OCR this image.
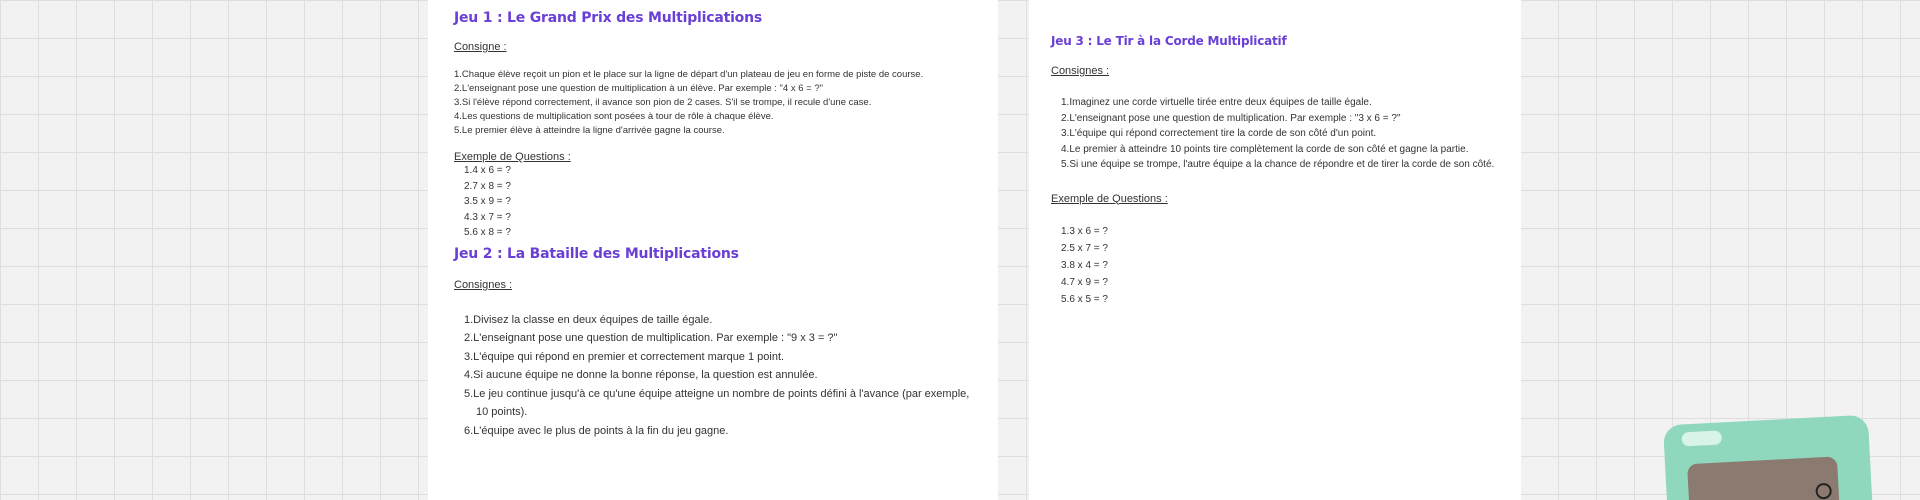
Jeu 1 : Le Grand Prix des Multiplications
Consigne :
1.Chaque élève reçoit un pion et le place sur la ligne de départ d'un plateau de jeu en forme de piste de course.
2.L'enseignant pose une question de multiplication à un élève. Par exemple : "4 x 6 = ?"
3.Si l'élève répond correctement, il avance son pion de 2 cases. S'il se trompe, il recule d'une case.
4.Les questions de multiplication sont posées à tour de rôle à chaque élève.
5.Le premier élève à atteindre la ligne d'arrivée gagne la course.
Exemple de Questions :
1.4 x 6 = ?
2.7 x 8 = ?
3.5 x 9 = ?
4.3 x 7 = ?
5.6 x 8 = ?
Jeu 2 : La Bataille des Multiplications
Consignes :
1.Divisez la classe en deux équipes de taille égale.
2.L'enseignant pose une question de multiplication. Par exemple : "9 x 3 = ?"
3.L'équipe qui répond en premier et correctement marque 1 point.
4.Si aucune équipe ne donne la bonne réponse, la question est annulée.
5.Le jeu continue jusqu'à ce qu'une équipe atteigne un nombre de points défini à l'avance (par exemple, 10 points).
6.L'équipe avec le plus de points à la fin du jeu gagne.
Jeu 3 : Le Tir à la Corde Multiplicatif
Consignes :
1.Imaginez une corde virtuelle tirée entre deux équipes de taille égale.
2.L'enseignant pose une question de multiplication. Par exemple : "3 x 6 = ?"
3.L'équipe qui répond correctement tire la corde de son côté d'un point.
4.Le premier à atteindre 10 points tire complètement la corde de son côté et gagne la partie.
5.Si une équipe se trompe, l'autre équipe a la chance de répondre et de tirer la corde de son côté.
Exemple de Questions :
1.3 x 6 = ?
2.5 x 7 = ?
3.8 x 4 = ?
4.7 x 9 = ?
5.6 x 5 = ?
